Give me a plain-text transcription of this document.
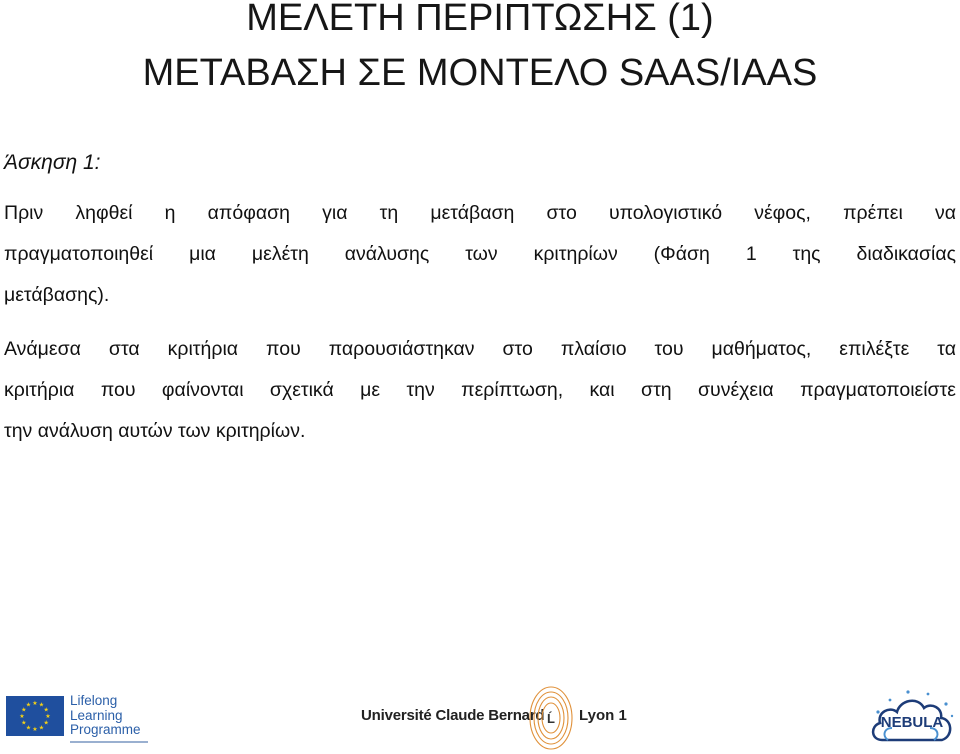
ΜΕΛΕΤΗ ΠΕΡΙΠΤΩΣΗΣ (1)
ΜΕΤΑΒΑΣΗ ΣΕ ΜΟΝΤΕΛΟ SAAS/IAAS
Άσκηση 1:
Πριν ληφθεί η απόφαση για τη μετάβαση στο υπολογιστικό νέφος, πρέπει να
πραγματοποιηθεί μια μελέτη ανάλυσης των κριτηρίων (Φάση 1 της διαδικασίας
μετάβασης).
Ανάμεσα στα κριτήρια που παρουσιάστηκαν στο πλαίσιο του μαθήματος, επιλέξτε τα
κριτήρια που φαίνονται σχετικά με την περίπτωση, και στη συνέχεια πραγματοποιείστε
την ανάλυση αυτών των κριτηρίων.
★ ★
★
★
★
★
★
★
★
★
★
★	Lifelong
Learning
Programme
Université Claude Bernard Ĺ Lyon 1	NEBULA
